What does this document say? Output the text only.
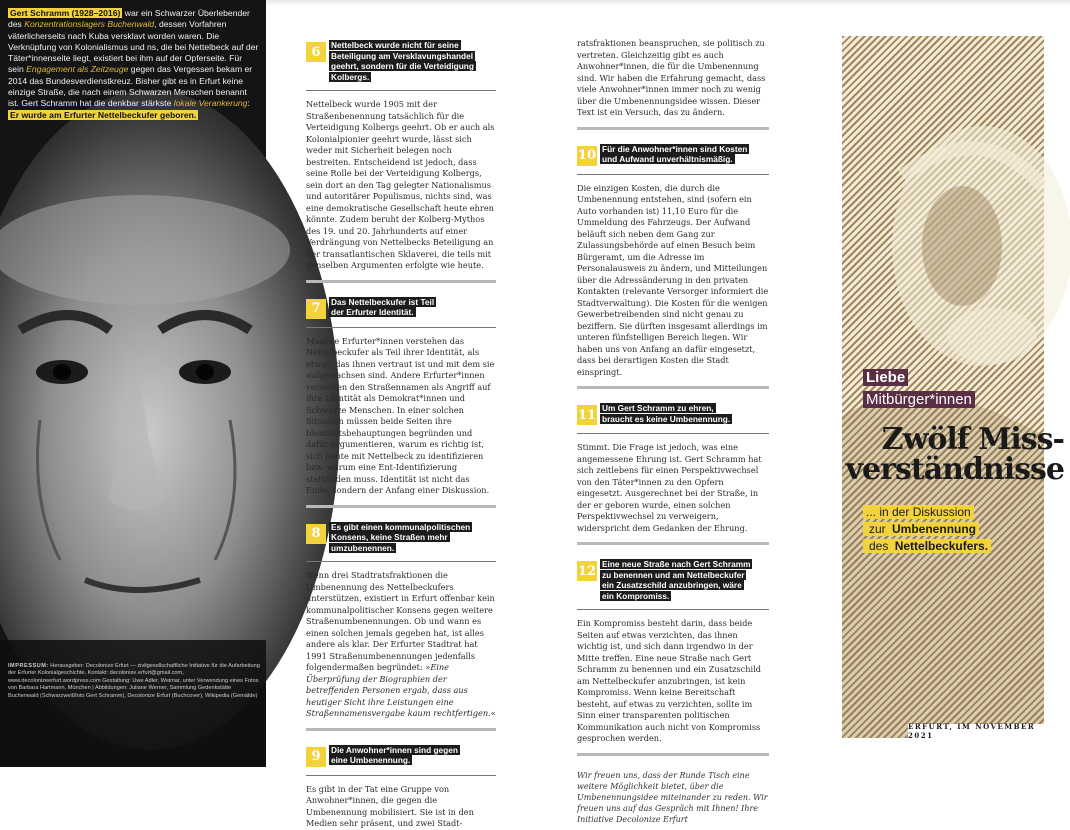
Gert Schramm (1928–2016) war ein Schwarzer Überlebender des Konzentrationslagers Buchenwald, dessen Vorfahren väterlicherseits nach Kuba versklavt worden waren. Die Verknüpfung von Kolonialismus und ns, die bei Nettelbeck auf der Täter*innenseite liegt, existiert bei ihm auf der Opferseite. Für sein Engagement als Zeitzeuge gegen das Vergessen bekam er 2014 das Bundesverdienstkreuz. Bisher gibt es in Erfurt keine einzige Straße, die nach einem Schwarzen Menschen benannt ist. Gert Schramm hat die denkbar stärkste lokale Verankerung: Er wurde am Erfurter Nettelbeckufer geboren.
IMPRESSUM: Herausgeber: Decolonize Erfurt — zivilgesellschaftliche Initiative für die Aufarbeitung der Erfurter Kolonialgeschichte, Kontakt: decolonize.erfurt@gmail.com, www.decolonizeerfurt.wordpress.com Gestaltung: Uwe Adler, Weimar, unter Verwendung eines Fotos von Barbara Hartmann, München | Abbildungen: Juliane Werner, Sammlung Gedenkstätte Buchenwald (Schwarzweißfoto Gert Schramm), Decolonize Erfurt (Buchcover), Wikipedia (Gemälde)
6	Nettelbeck wurde nicht für seine
Beteiligung am Versklavungshandel
geehrt, sondern für die Verteidigung
Kolbergs.

Nettelbeck wurde 1905 mit der Straßenbenennung tatsächlich für die Verteidigung Kolbergs geehrt. Ob er auch als Kolonialpionier geehrt wurde, lässt sich weder mit Sicherheit belegen noch bestreiten. Entscheidend ist jedoch, dass seine Rolle bei der Verteidigung Kolbergs, sein dort an den Tag gelegter Nationalismus und autoritärer Populismus, nichts sind, was eine demokratische Gesellschaft heute ehren könnte. Zudem beruht der Kolberg-Mythos des 19. und 20. Jahrhunderts auf einer Verdrängung von Nettelbecks Beteiligung an der transatlantischen Sklaverei, die teils mit denselben Argumenten erfolgte wie heute.

7	Das Nettelbeckufer ist Teil
der Erfurter Identität.

Manche Erfurter*innen verstehen das Nettelbeckufer als Teil ihrer Identität, als etwas, das ihnen vertraut ist und mit dem sie aufgewachsen sind. Andere Erfurter*innen verstehen den Straßennamen als Angriff auf ihre Identität als Demokrat*innen und Schwarze Menschen. In einer solchen Situation müssen beide Seiten ihre Identitätsbehauptungen begründen und dafür argumentieren, warum es richtig ist, sich heute mit Nettelbeck zu identifizieren bzw. warum eine Ent-Identifizierung stattfinden muss. Identität ist nicht das Ende, sondern der Anfang einer Diskussion.

8	Es gibt einen kommunalpolitischen
Konsens, keine Straßen mehr
umzubenennen.

Wenn drei Stadtratsfraktionen die Umbenennung des Nettelbeckufers unterstützen, existiert in Erfurt offenbar kein kommunalpolitischer Konsens gegen weitere Straßenumbenennungen. Ob und wann es einen solchen jemals gegeben hat, ist alles andere als klar. Der Erfurter Stadtrat hat 1991 Straßenumbenennungen jedenfalls folgendermaßen begründet: »Eine Überprüfung der Biographien der betreffenden Personen ergab, dass aus heutiger Sicht ihre Leistungen eine Straßennamensvergabe kaum rechtfertigen.«

9	Die Anwohner*innen sind gegen
eine Umbenennung.

Es gibt in der Tat eine Gruppe von Anwohner*innen, die gegen die Umbenennung mobilisiert. Sie ist in den Medien sehr präsent, und zwei Stadt-

ratsfraktionen beanspruchen, sie politisch zu vertreten. Gleichzeitig gibt es auch Anwohner*innen, die für die Umbenennung sind. Wir haben die Erfahrung gemacht, dass viele Anwohner*innen immer noch zu wenig über die Umbenennungsidee wissen. Dieser Text ist ein Versuch, das zu ändern.

10 Für die Anwohner*innen sind Kosten
und Aufwand unverhältnismäßig.

Die einzigen Kosten, die durch die Umbenennung entstehen, sind (sofern ein Auto vorhanden ist) 11,10 Euro für die Ummeldung des Fahrzeugs. Der Aufwand beläuft sich neben dem Gang zur Zulassungsbehörde auf einen Besuch beim Bürgeramt, um die Adresse im Personalausweis zu ändern, und Mitteilungen über die Adressänderung in den privaten Kontakten (relevante Versorger informiert die Stadtverwaltung). Die Kosten für die wenigen Gewerbetreibenden sind nicht genau zu beziffern. Sie dürften insgesamt allerdings im unteren fünfstelligen Bereich liegen. Wir haben uns von Anfang an dafür eingesetzt, dass bei derartigen Kosten die Stadt einspringt.

11 Um Gert Schramm zu ehren,
braucht es keine Umbenennung.

Stimmt. Die Frage ist jedoch, was eine angemessene Ehrung ist. Gert Schramm hat sich zeitlebens für einen Perspektivwechsel von den Täter*innen zu den Opfern eingesetzt. Ausgerechnet bei der Straße, in der er geboren wurde, einen solchen Perspektivwechsel zu verweigern, widerspricht dem Gedanken der Ehrung.

12 Eine neue Straße nach Gert Schramm
zu benennen und am Nettelbeckufer
ein Zusatzschild anzubringen, wäre
ein Kompromiss.

Ein Kompromiss besteht darin, dass beide Seiten auf etwas verzichten, das ihnen wichtig ist, und sich dann irgendwo in der Mitte treffen. Eine neue Straße nach Gert Schramm zu benennen und ein Zusatzschild am Nettelbeckufer anzubringen, ist kein Kompromiss. Wenn keine Bereitschaft besteht, auf etwas zu verzichten, sollte im Sinn einer transparenten politischen Kommunikation auch nicht von Kompromiss gesprochen werden.

Wir freuen uns, dass der Runde Tisch eine weitere Möglichkeit bietet, über die Umbenennungsidee miteinander zu reden. Wir freuen uns auf das Gespräch mit Ihnen! Ihre Initiative Decolonize Erfurt

Liebe
Mitbürger*innen
Zwölf Miss-
verständnisse
... in der Diskussion
zur Umbenennung
des Nettelbeckufers.
ERFURT, IM NOVEMBER 2021
